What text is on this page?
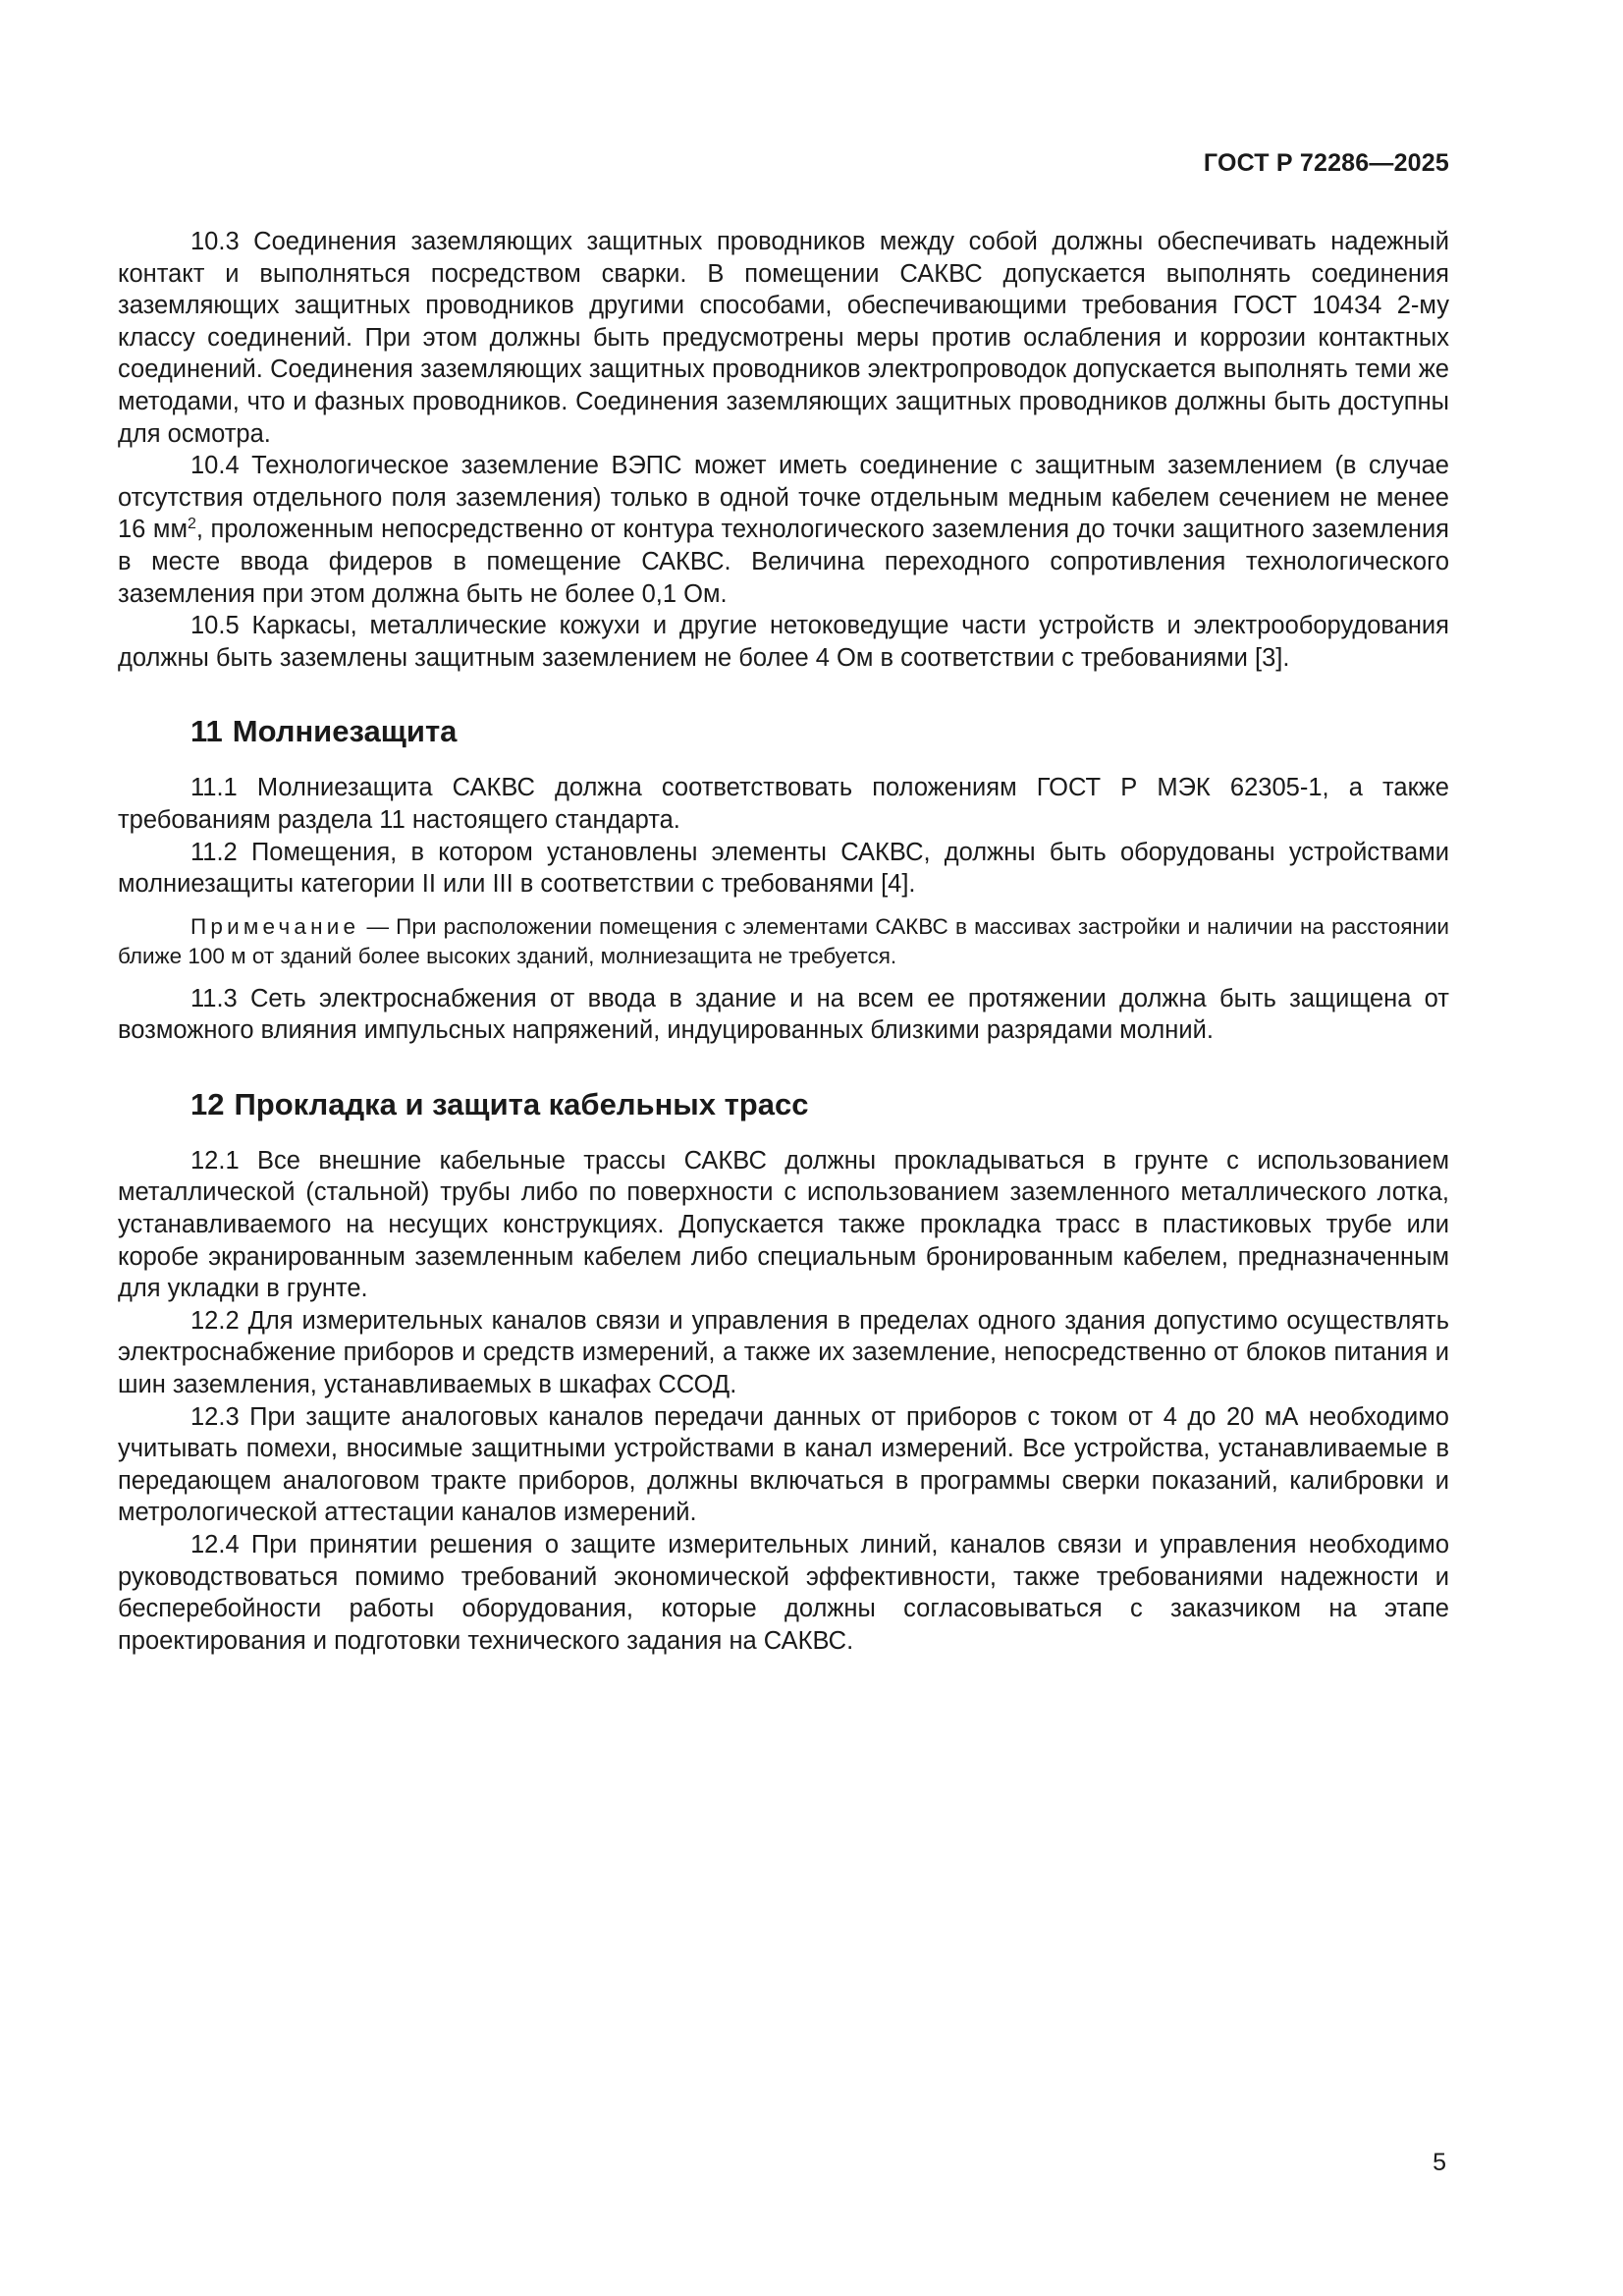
ГОСТ Р 72286—2025

10.3 Соединения заземляющих защитных проводников между собой должны обеспечивать надежный контакт и выполняться посредством сварки. В помещении САКВС допускается выполнять соединения заземляющих защитных проводников другими способами, обеспечивающими требования ГОСТ 10434 2-му классу соединений. При этом должны быть предусмотрены меры против ослабления и коррозии контактных соединений. Соединения заземляющих защитных проводников электропроводок допускается выполнять теми же методами, что и фазных проводников. Соединения заземляющих защитных проводников должны быть доступны для осмотра.

10.4 Технологическое заземление ВЭПС может иметь соединение с защитным заземлением (в случае отсутствия отдельного поля заземления) только в одной точке отдельным медным кабелем сечением не менее 16 $мм^2$, проложенным непосредственно от контура технологического заземления до точки защитного заземления в месте ввода фидеров в помещение САКВС. Величина переходного сопротивления технологического заземления при этом должна быть не более 0,1 Ом.

10.5 Каркасы, металлические кожухи и другие нетоковедущие части устройств и электрооборудования должны быть заземлены защитным заземлением не более 4 Ом в соответствии с требованиями [3].

11 Молниезащита

11.1 Молниезащита САКВС должна соответствовать положениям ГОСТ Р МЭК 62305-1, а также требованиям раздела 11 настоящего стандарта.

11.2 Помещения, в котором установлены элементы САКВС, должны быть оборудованы устройствами молниезащиты категории II или III в соответствии с требованями [4].

Примечание — При расположении помещения с элементами САКВС в массивах застройки и наличии на расстоянии ближе 100 м от зданий более высоких зданий, молниезащита не требуется.

11.3 Сеть электроснабжения от ввода в здание и на всем ее протяжении должна быть защищена от возможного влияния импульсных напряжений, индуцированных близкими разрядами молний.

12 Прокладка и защита кабельных трасс

12.1 Все внешние кабельные трассы САКВС должны прокладываться в грунте с использованием металлической (стальной) трубы либо по поверхности с использованием заземленного металлического лотка, устанавливаемого на несущих конструкциях. Допускается также прокладка трасс в пластиковых трубе или коробе экранированным заземленным кабелем либо специальным бронированным кабелем, предназначенным для укладки в грунте.

12.2 Для измерительных каналов связи и управления в пределах одного здания допустимо осуществлять электроснабжение приборов и средств измерений, а также их заземление, непосредственно от блоков питания и шин заземления, устанавливаемых в шкафах ССОД.

12.3 При защите аналоговых каналов передачи данных от приборов с током от 4 до 20 мА необходимо учитывать помехи, вносимые защитными устройствами в канал измерений. Все устройства, устанавливаемые в передающем аналоговом тракте приборов, должны включаться в программы сверки показаний, калибровки и метрологической аттестации каналов измерений.

12.4 При принятии решения о защите измерительных линий, каналов связи и управления необходимо руководствоваться помимо требований экономической эффективности, также требованиями надежности и бесперебойности работы оборудования, которые должны согласовываться с заказчиком на этапе проектирования и подготовки технического задания на САКВС.

5
